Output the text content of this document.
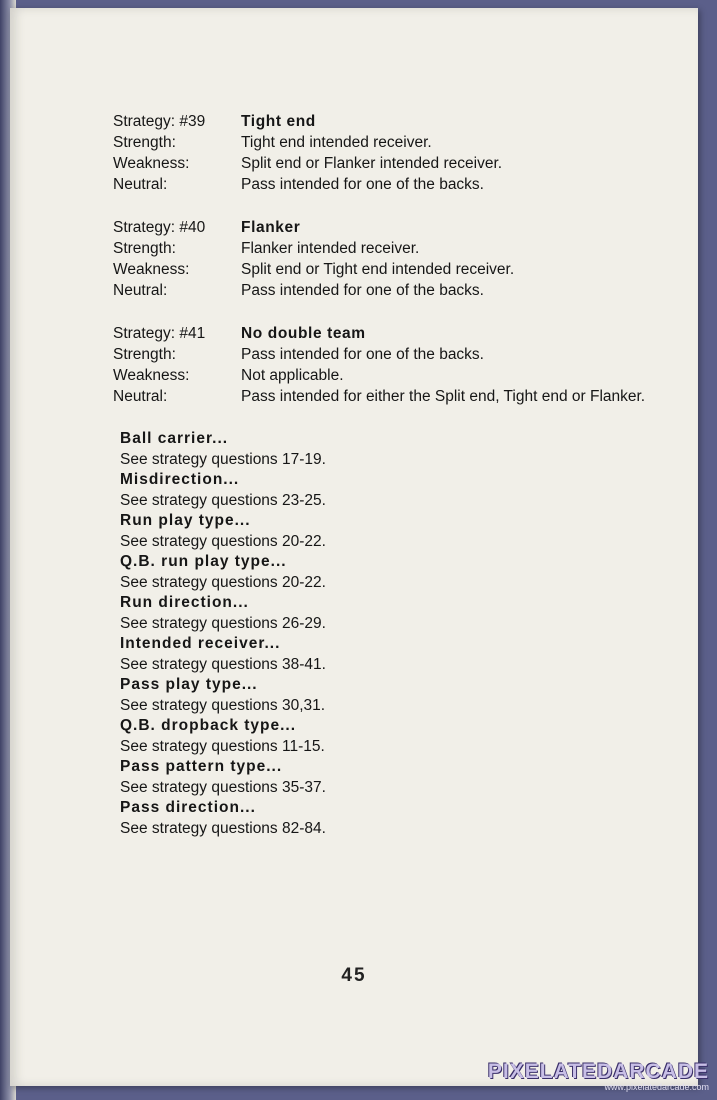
Strategy: #39	Tight end
Strength:	Tight end intended receiver.
Weakness:	Split end or Flanker intended receiver.
Neutral:	Pass intended for one of the backs.
Strategy: #40	Flanker
Strength:	Flanker intended receiver.
Weakness:	Split end or Tight end intended receiver.
Neutral:	Pass intended for one of the backs.
Strategy: #41	No double team
Strength:	Pass intended for one of the backs.
Weakness:	Not applicable.
Neutral:	Pass intended for either the Split end, Tight end or Flanker.
Ball carrier...
See strategy questions 17-19.
Misdirection...
See strategy questions 23-25.
Run play type...
See strategy questions 20-22.
Q.B. run play type...
See strategy questions 20-22.
Run direction...
See strategy questions 26-29.
Intended receiver...
See strategy questions 38-41.
Pass play type...
See strategy questions 30,31.
Q.B. dropback type...
See strategy questions 11-15.
Pass pattern type...
See strategy questions 35-37.
Pass direction...
See strategy questions 82-84.
45
PIXELATEDARCADE
www.pixelatedarcade.com
